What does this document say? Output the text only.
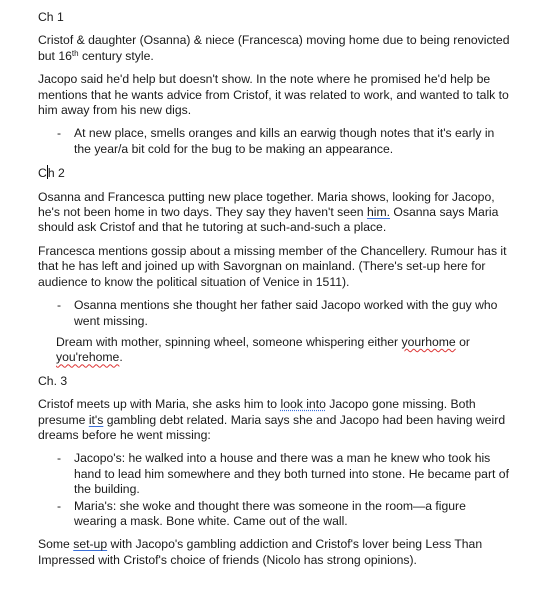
Ch 1

Cristof & daughter (Osanna) & niece (Francesca) moving home due to being renovicted but 16th century style.

Jacopo said he'd help but doesn't show. In the note where he promised he'd help be mentions that he wants advice from Cristof, it was related to work, and wanted to talk to him away from his new digs.

-	At new place, smells oranges and kills an earwig though notes that it's early in the year/a bit cold for the bug to be making an appearance.

Ch 2

Osanna and Francesca putting new place together. Maria shows, looking for Jacopo, he's not been home in two days. They say they haven't seen him. Osanna says Maria should ask Cristof and that he tutoring at such-and-such a place.

Francesca mentions gossip about a missing member of the Chancellery. Rumour has it that he has left and joined up with Savorgnan on mainland. (There's set-up here for audience to know the political situation of Venice in 1511).

-	Osanna mentions she thought her father said Jacopo worked with the guy who went missing.

Dream with mother, spinning wheel, someone whispering either yourhome or
you'rehome.

Ch. 3

Cristof meets up with Maria, she asks him to look into Jacopo gone missing. Both presume it's gambling debt related. Maria says she and Jacopo had been having weird dreams before he went missing:

-	Jacopo's: he walked into a house and there was a man he knew who took his hand to lead him somewhere and they both turned into stone. He became part of the building.
-	Maria's: she woke and thought there was someone in the room—a figure wearing a mask. Bone white. Came out of the wall.

Some set-up with Jacopo's gambling addiction and Cristof's lover being Less Than Impressed with Cristof's choice of friends (Nicolo has strong opinions).
